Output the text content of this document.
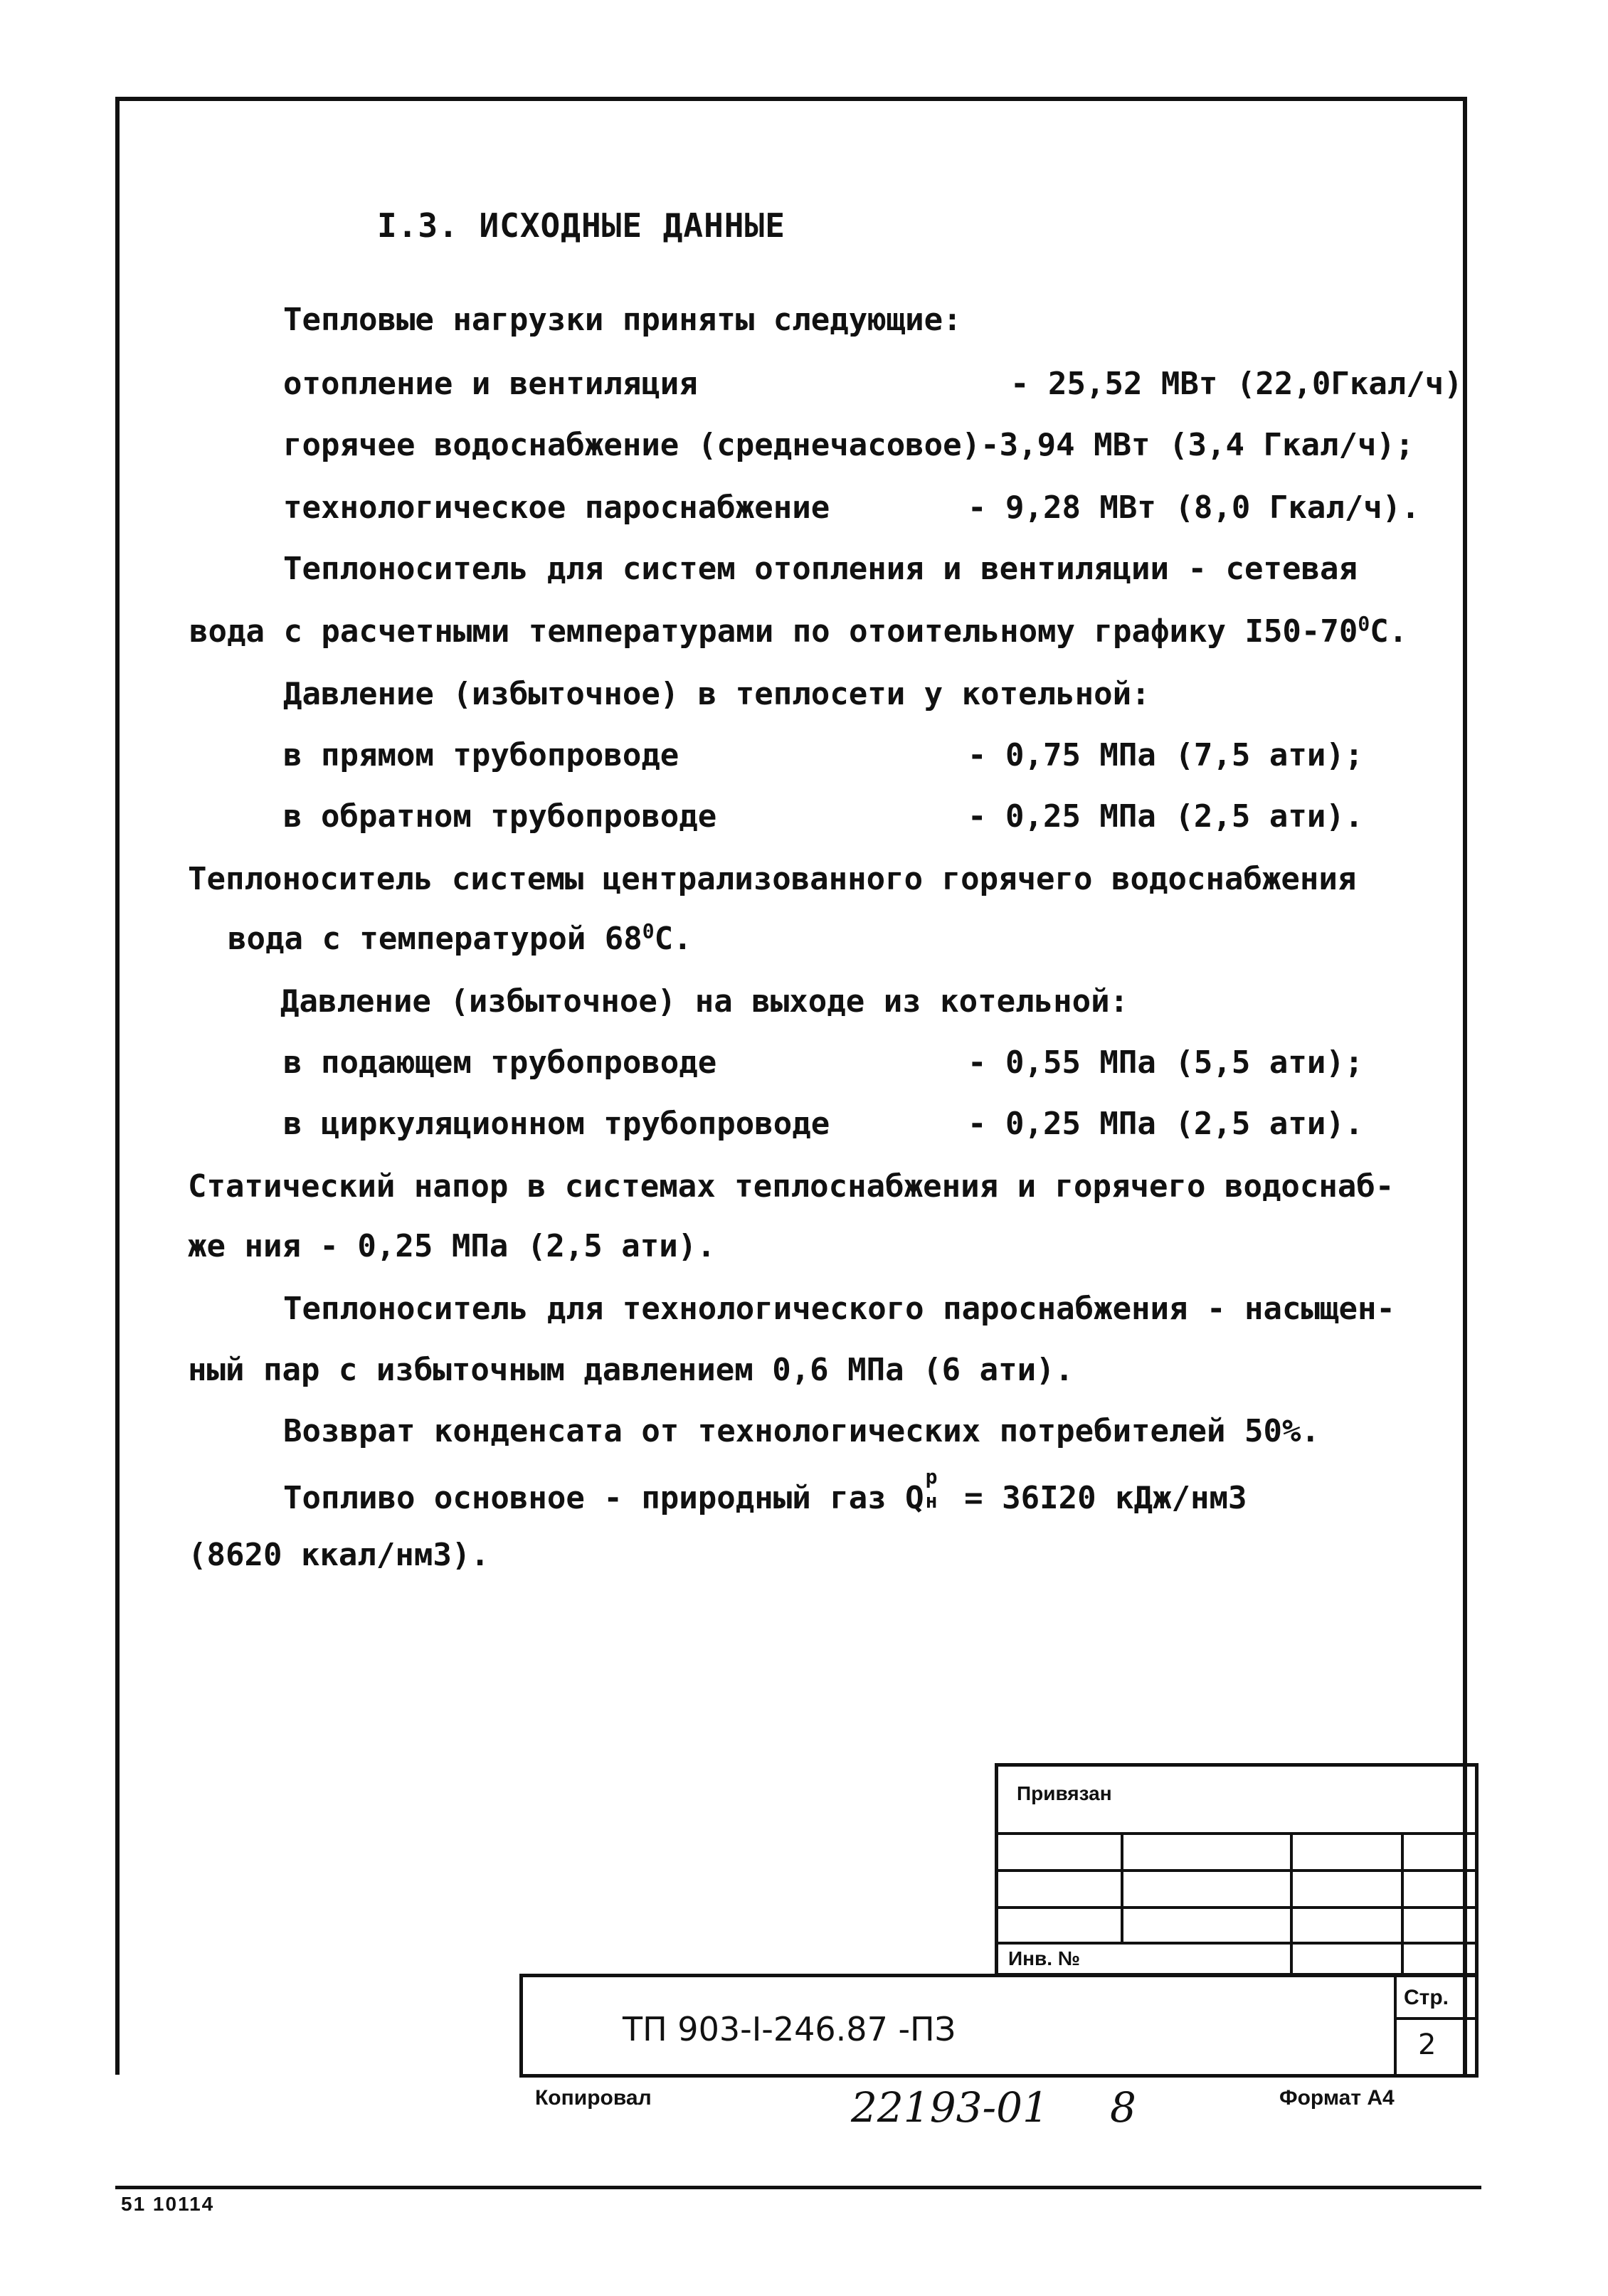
I.3. ИСХОДНЫЕ ДАННЫЕ
Тепловые нагрузки приняты следующие:
отопление и вентиляция	- 25,52 МВт (22,0Гкал/ч)
горячее водоснабжение (среднечасовое)-3,94 МВт (3,4 Гкал/ч);
технологическое пароснабжение	- 9,28 МВт (8,0 Гкал/ч).
Теплоноситель для систем отопления и вентиляции - сетевая
вода с расчетными температурами по отоительному графику $I50-70^0С$.
Давление (избыточное) в теплосети у котельной:
в прямом трубопроводе	- 0,75 МПа (7,5 ати);
в обратном трубопроводе	- 0,25 МПа (2,5 ати).
Теплоноситель системы централизованного горячего водоснабжения
вода с температурой $68^0С$.
Давление (избыточное) на выходе из котельной:
в подающем трубопроводе	- 0,55 МПа (5,5 ати);
в циркуляционном трубопроводе	- 0,25 МПа (2,5 ати).
Статический напор в системах теплоснабжения и горячего водоснаб-
же ния - 0,25 МПа (2,5 ати).
Теплоноситель для технологического пароснабжения - насыщен-
ный пар с избыточным давлением 0,6 МПа (6 ати).
Возврат конденсата от технологических потребителей 50%.
Топливо основное - природный газ Q
р
н = 36I20 кДж/нм3
(8620 ккал/нм3).
Привязан
Инв. №
ТП 903-I-246.87 -ПЗ
Стр.
2
Копировал	22193-01 8	Формат А4
51 10114
